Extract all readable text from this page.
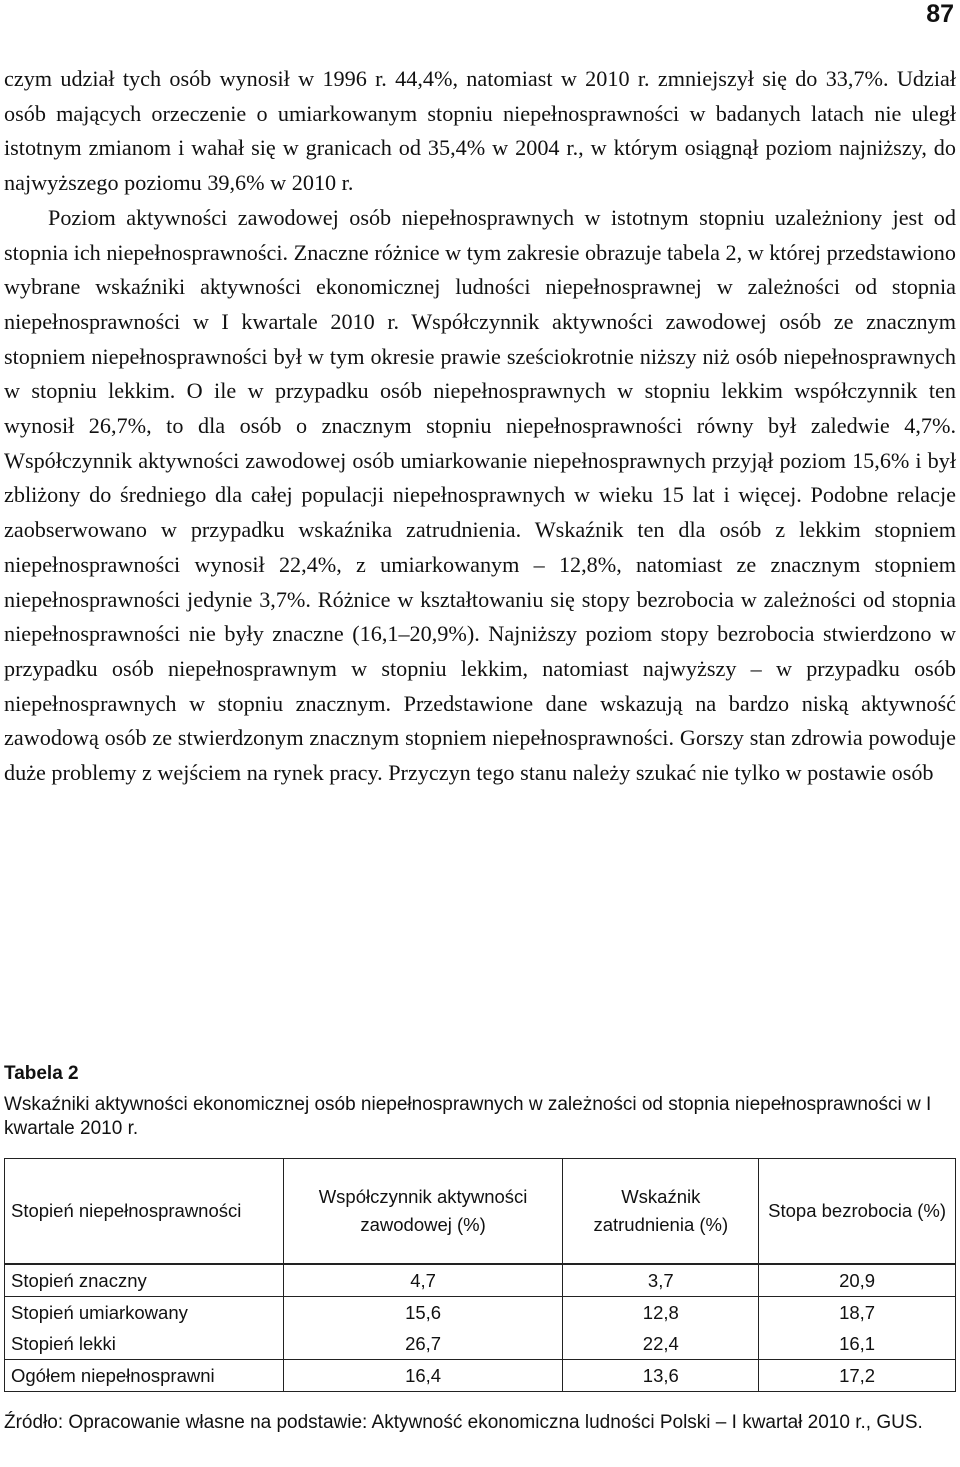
87

czym udział tych osób wynosił w 1996 r. 44,4%, natomiast w 2010 r. zmniejszył się do 33,7%. Udział osób mających orzeczenie o umiarkowanym stopniu niepełnosprawności w badanych latach nie uległ istotnym zmianom i wahał się w granicach od 35,4% w 2004 r., w którym osiągnął poziom najniższy, do najwyższego poziomu 39,6% w 2010 r.

Poziom aktywności zawodowej osób niepełnosprawnych w istotnym stopniu uzależniony jest od stopnia ich niepełnosprawności. Znaczne różnice w tym zakresie obrazuje tabela 2, w której przedstawiono wybrane wskaźniki aktywności ekonomicznej ludności niepełnosprawnej w zależności od stopnia niepełnosprawności w I kwartale 2010 r. Współczynnik aktywności zawodowej osób ze znacznym stopniem niepełnosprawności był w tym okresie prawie sześciokrotnie niższy niż osób niepełnosprawnych w stopniu lekkim. O ile w przypadku osób niepełnosprawnych w stopniu lekkim współczynnik ten wynosił 26,7%, to dla osób o znacznym stopniu niepełnosprawności równy był zaledwie 4,7%. Współczynnik aktywności zawodowej osób umiarkowanie niepełnosprawnych przyjął poziom 15,6% i był zbliżony do średniego dla całej populacji niepełnosprawnych w wieku 15 lat i więcej. Podobne relacje zaobserwowano w przypadku wskaźnika zatrudnienia. Wskaźnik ten dla osób z lekkim stopniem niepełnosprawności wynosił 22,4%, z umiarkowanym – 12,8%, natomiast ze znacznym stopniem niepełnosprawności jedynie 3,7%. Różnice w kształtowaniu się stopy bezrobocia w zależności od stopnia niepełnosprawności nie były znaczne (16,1–20,9%). Najniższy poziom stopy bezrobocia stwierdzono w przypadku osób niepełnosprawnym w stopniu lekkim, natomiast najwyższy – w przypadku osób niepełnosprawnych w stopniu znacznym. Przedstawione dane wskazują na bardzo niską aktywność zawodową osób ze stwierdzonym znacznym stopniem niepełnosprawności. Gorszy stan zdrowia powoduje duże problemy z wejściem na rynek pracy. Przyczyn tego stanu należy szukać nie tylko w postawie osób

Tabela 2
Wskaźniki aktywności ekonomicznej osób niepełnosprawnych w zależności od stopnia niepełnosprawności w I kwartale 2010 r.
Stopień niepełnosprawności	Współczynnik aktywności zawodowej (%)	Wskaźnik zatrudnienia (%)	Stopa bezrobocia (%)
Stopień znaczny	4,7	3,7	20,9
Stopień umiarkowany	15,6	12,8	18,7
Stopień lekki	26,7	22,4	16,1
Ogółem niepełnosprawni	16,4	13,6	17,2
Źródło: Opracowanie własne na podstawie: Aktywność ekonomiczna ludności Polski – I kwartał 2010 r., GUS.
